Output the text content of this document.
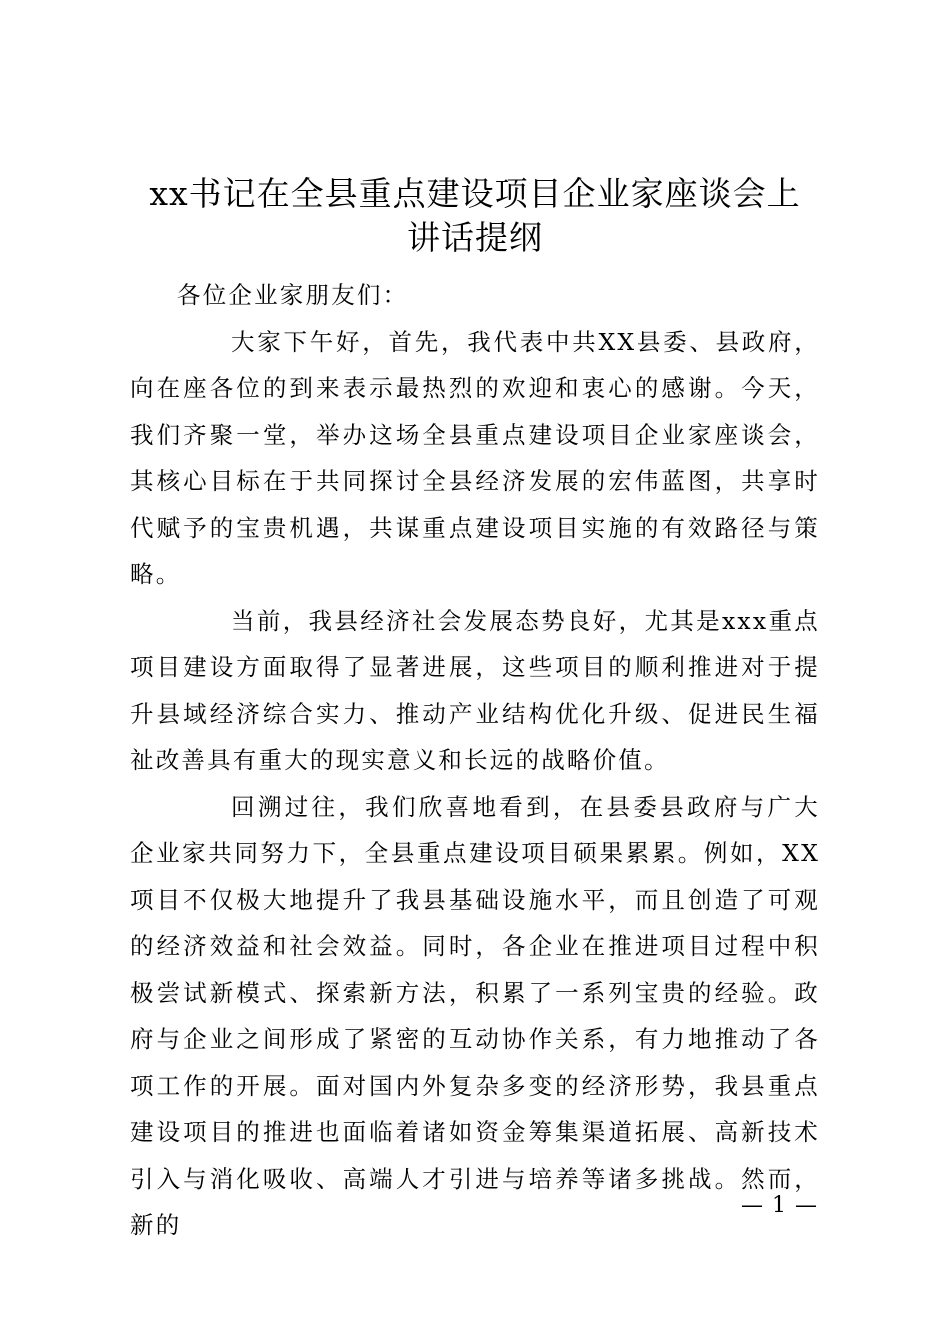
xx书记在全县重点建设项目企业家座谈会上
讲话提纲

各位企业家朋友们：

大家下午好，首先，我代表中共XX县委、县政府，向在座各位的到来表示最热烈的欢迎和衷心的感谢。今天，我们齐聚一堂，举办这场全县重点建设项目企业家座谈会，其核心目标在于共同探讨全县经济发展的宏伟蓝图，共享时代赋予的宝贵机遇，共谋重点建设项目实施的有效路径与策略。

当前，我县经济社会发展态势良好，尤其是xxx重点项目建设方面取得了显著进展，这些项目的顺利推进对于提升县域经济综合实力、推动产业结构优化升级、促进民生福祉改善具有重大的现实意义和长远的战略价值。

回溯过往，我们欣喜地看到，在县委县政府与广大企业家共同努力下，全县重点建设项目硕果累累。例如，XX项目不仅极大地提升了我县基础设施水平，而且创造了可观的经济效益和社会效益。同时，各企业在推进项目过程中积极尝试新模式、探索新方法，积累了一系列宝贵的经验。政府与企业之间形成了紧密的互动协作关系，有力地推动了各项工作的开展。面对国内外复杂多变的经济形势，我县重点建设项目的推进也面临着诸如资金筹集渠道拓展、高新技术引入与消化吸收、高端人才引进与培养等诸多挑战。然而，新的

— 1 —
